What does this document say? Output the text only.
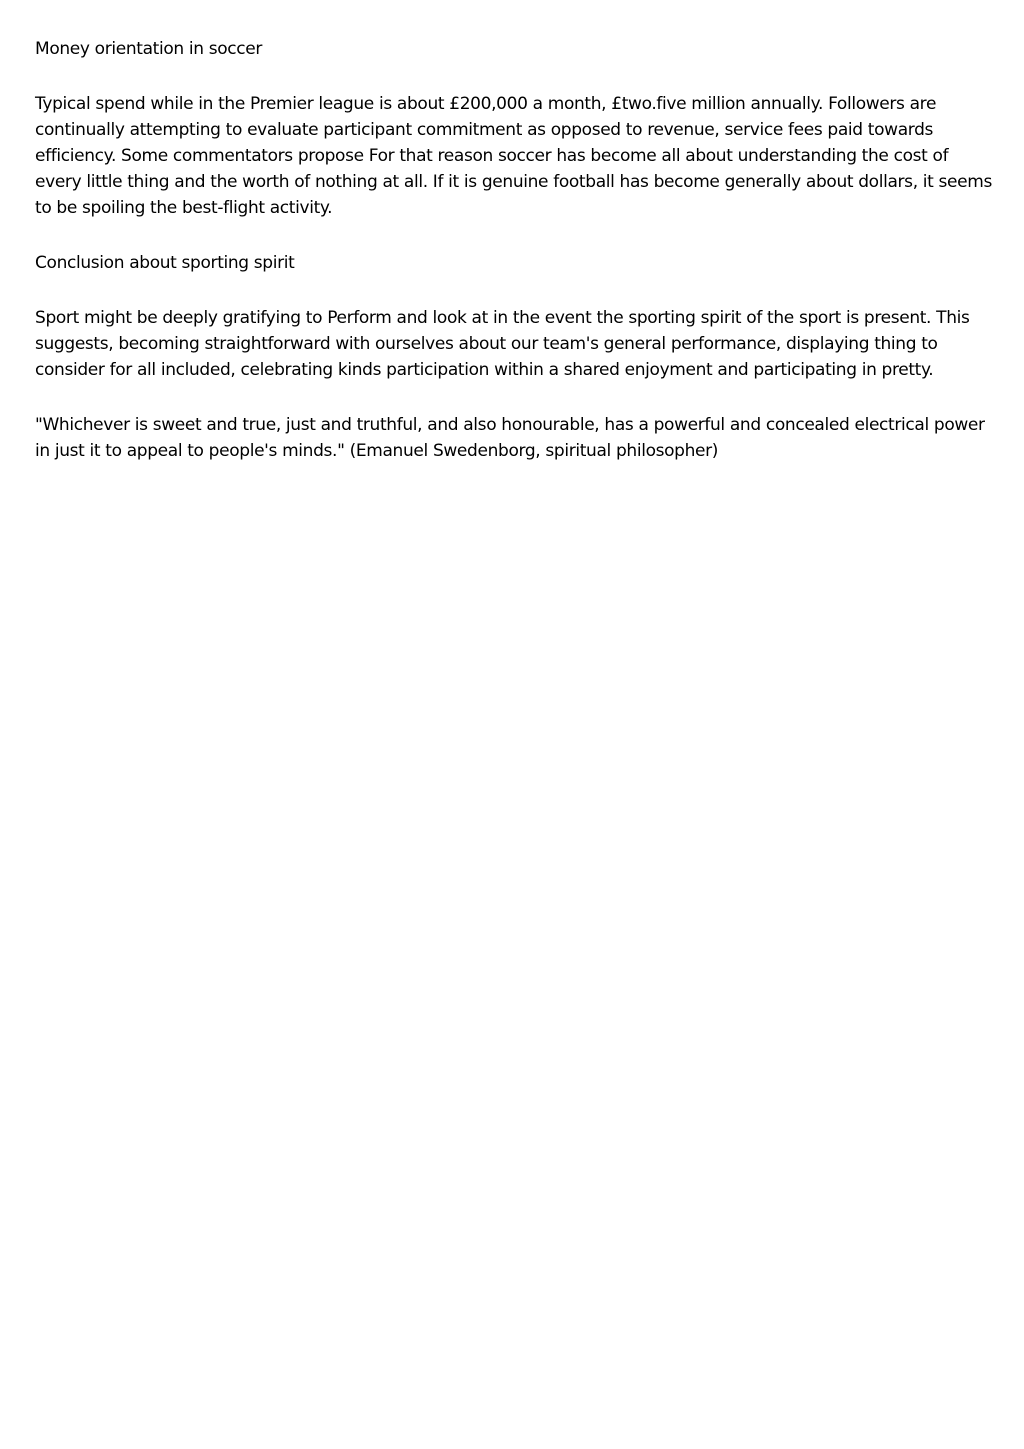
Money orientation in soccer

Typical spend while in the Premier league is about £200,000 a month, £two.five million annually. Followers are continually attempting to evaluate participant commitment as opposed to revenue, service fees paid towards efficiency. Some commentators propose For that reason soccer has become all about understanding the cost of every little thing and the worth of nothing at all. If it is genuine football has become generally about dollars, it seems to be spoiling the best-flight activity.

Conclusion about sporting spirit

Sport might be deeply gratifying to Perform and look at in the event the sporting spirit of the sport is present. This suggests, becoming straightforward with ourselves about our team's general performance, displaying thing to consider for all included, celebrating kinds participation within a shared enjoyment and participating in pretty.

"Whichever is sweet and true, just and truthful, and also honourable, has a powerful and concealed electrical power in just it to appeal to people's minds." (Emanuel Swedenborg, spiritual philosopher)
